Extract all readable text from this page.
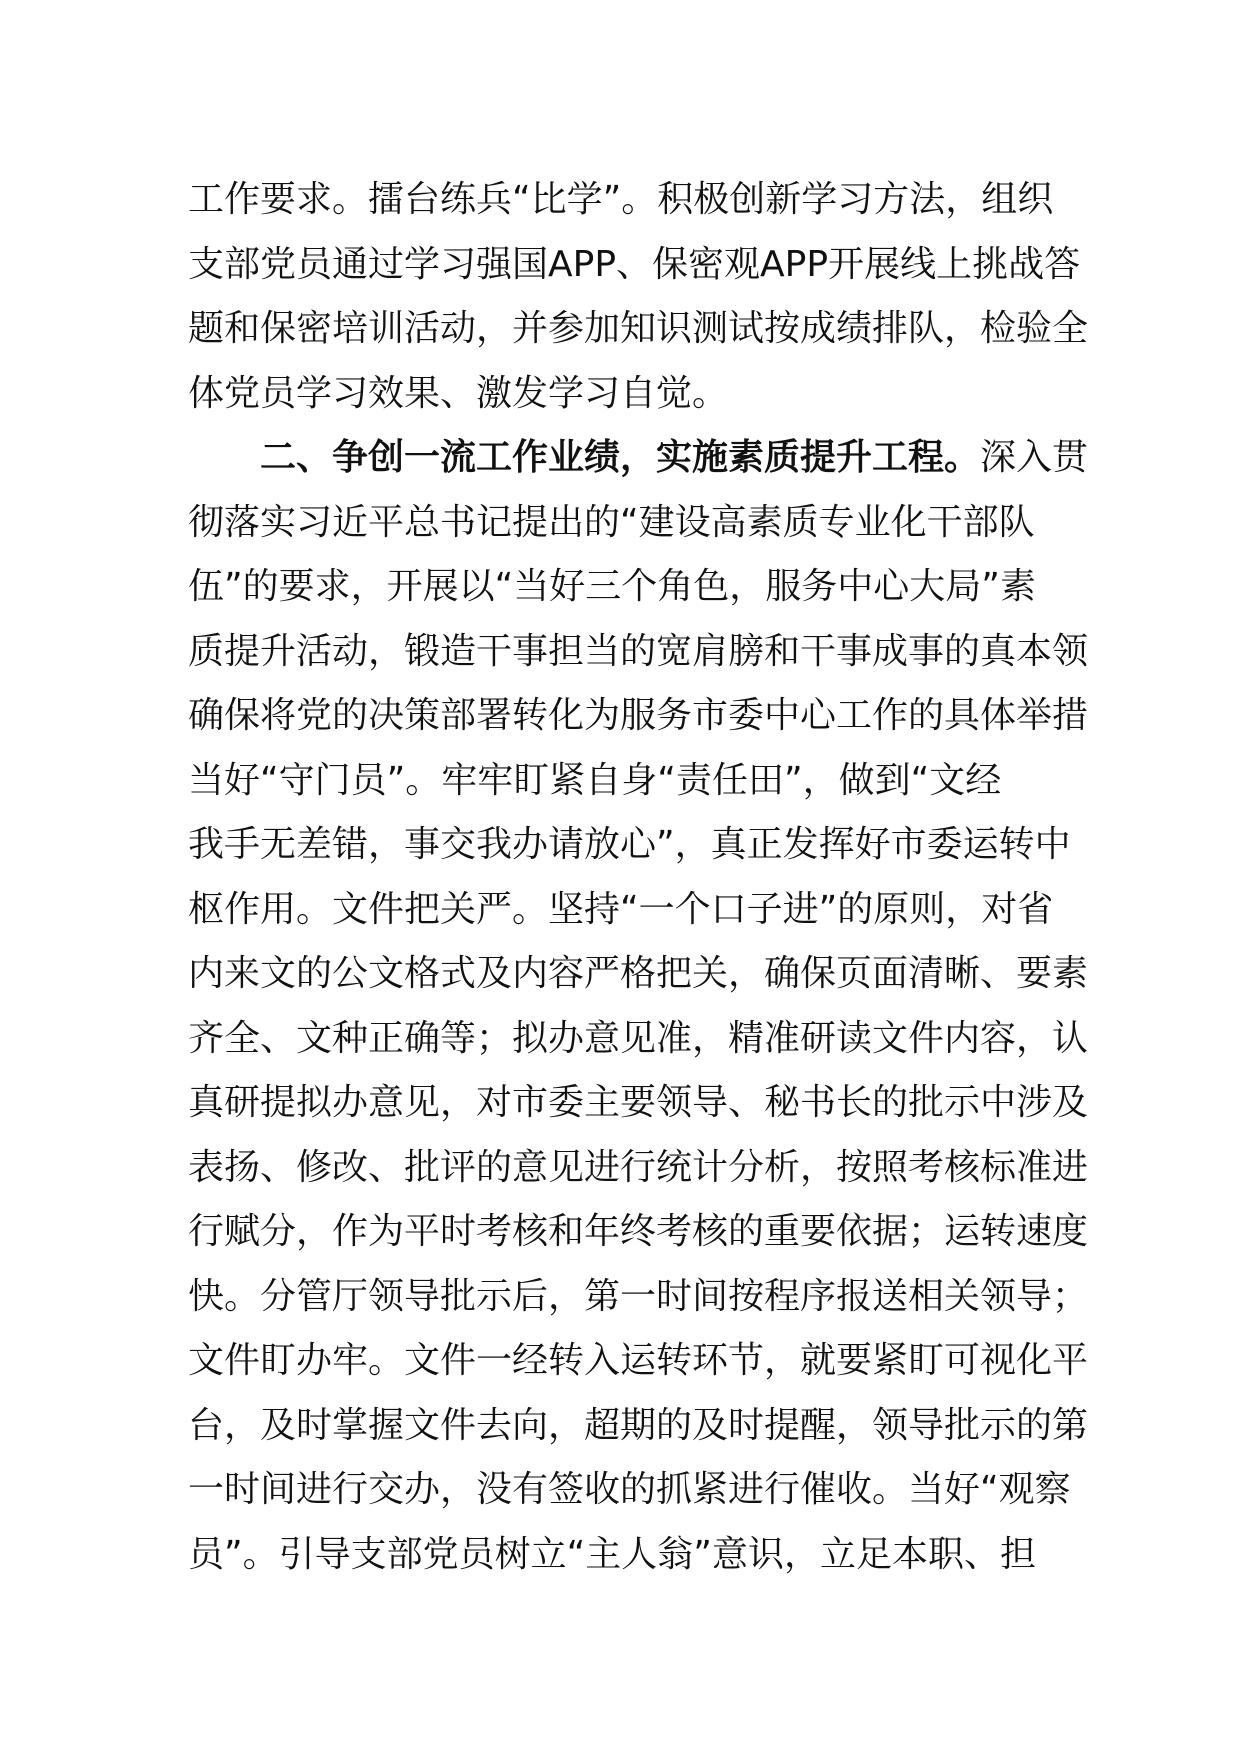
工作要求。擂台练兵“比学”。积极创新学习方法，组织
支部党员通过学习强国APP、保密观APP开展线上挑战答
题和保密培训活动，并参加知识测试按成绩排队，检验全
体党员学习效果、激发学习自觉。
二、争创一流工作业绩，实施素质提升工程。深入贯
彻落实习近平总书记提出的“建设高素质专业化干部队
伍”的要求，开展以“当好三个角色，服务中心大局”素
质提升活动，锻造干事担当的宽肩膀和干事成事的真本领
确保将党的决策部署转化为服务市委中心工作的具体举措
当好“守门员”。牢牢盯紧自身“责任田”，做到“文经
我手无差错，事交我办请放心”，真正发挥好市委运转中
枢作用。文件把关严。坚持“一个口子进”的原则，对省
内来文的公文格式及内容严格把关，确保页面清晰、要素
齐全、文种正确等；拟办意见准，精准研读文件内容，认
真研提拟办意见，对市委主要领导、秘书长的批示中涉及
表扬、修改、批评的意见进行统计分析，按照考核标准进
行赋分，作为平时考核和年终考核的重要依据；运转速度
快。分管厅领导批示后，第一时间按程序报送相关领导；
文件盯办牢。文件一经转入运转环节，就要紧盯可视化平
台，及时掌握文件去向，超期的及时提醒，领导批示的第
一时间进行交办，没有签收的抓紧进行催收。当好“观察
员”。引导支部党员树立“主人翁”意识，立足本职、担
